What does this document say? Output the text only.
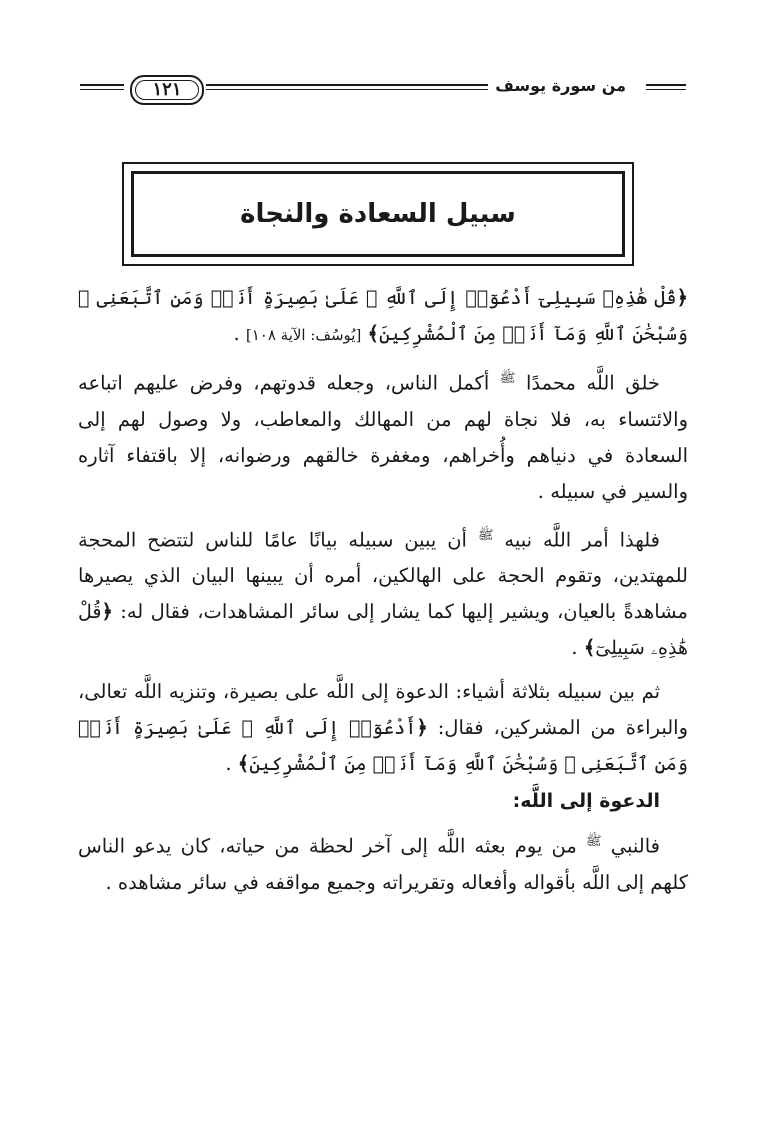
١٢١	من سورة يوسف
سبيل السعادة والنجاة

﴿قُلْ هَٰذِهِۦ سَبِيلِىٓ أَدْعُوٓا۟ إِلَى ٱللَّهِ ۚ عَلَىٰ بَصِيرَةٍ أَنَا۠ وَمَنِ ٱتَّبَعَنِى ۖ وَسُبْحَٰنَ ٱللَّهِ وَمَآ أَنَا۠ مِنَ ٱلْمُشْرِكِينَ﴾ [يُوسُف: الآية ١٠٨] .

خلق اللَّه محمدًا $^ﷺ$ أكمل الناس، وجعله قدوتهم، وفرض عليهم اتباعه والائتساء به، فلا نجاة لهم من المهالك والمعاطب، ولا وصول لهم إلى السعادة في دنياهم وأُخراهم، ومغفرة خالقهم ورضوانه، إلا باقتفاء آثاره والسير في سبيله .

فلهذا أمر اللَّه نبيه $^ﷺ$ أن يبين سبيله بيانًا عامًا للناس لتتضح المحجة للمهتدين، وتقوم الحجة على الهالكين، أمره أن يبينها البيان الذي يصيرها مشاهدةً بالعيان، ويشير إليها كما يشار إلى سائر المشاهدات، فقال له: ﴿قُلْ هَٰذِهِۦ سَبِيلِىٓ﴾ .

ثم بين سبيله بثلاثة أشياء: الدعوة إلى اللَّه على بصيرة، وتنزيه اللَّه تعالى، والبراءة من المشركين، فقال: ﴿أَدْعُوٓا۟ إِلَى ٱللَّهِ ۚ عَلَىٰ بَصِيرَةٍ أَنَا۠ وَمَنِ ٱتَّبَعَنِى ۖ وَسُبْحَٰنَ ٱللَّهِ وَمَآ أَنَا۠ مِنَ ٱلْمُشْرِكِينَ﴾ .

الدعوة إلى اللَّه:

فالنبي $^ﷺ$ من يوم بعثه اللَّه إلى آخر لحظة من حياته، كان يدعو الناس كلهم إلى اللَّه بأقواله وأفعاله وتقريراته وجميع مواقفه في سائر مشاهده .
